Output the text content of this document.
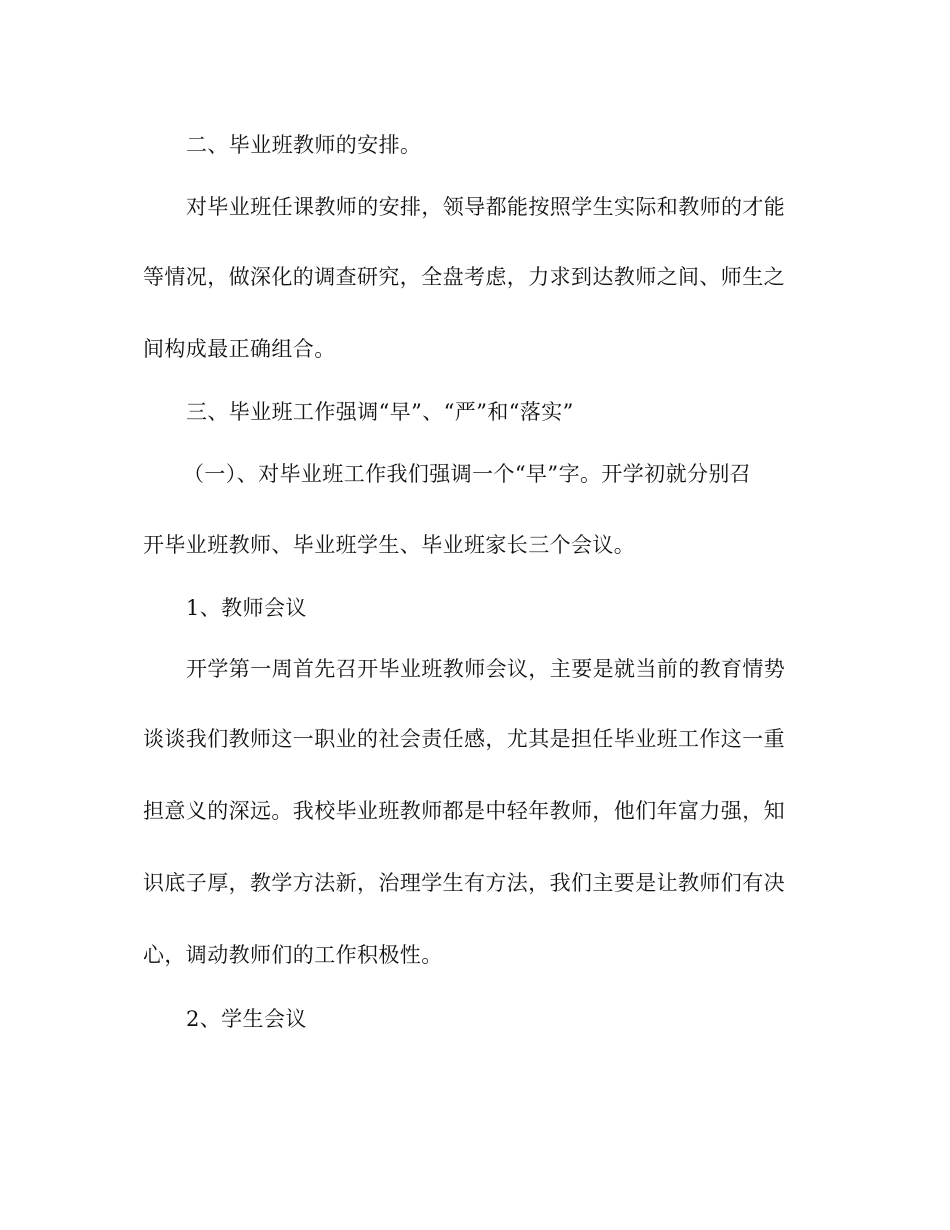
二、毕业班教师的安排。
对毕业班任课教师的安排，领导都能按照学生实际和教师的才能
等情况，做深化的调查研究，全盘考虑，力求到达教师之间、师生之
间构成最正确组合。
三、毕业班工作强调“早”、“严”和“落实”
（一）、对毕业班工作我们强调一个“早”字。开学初就分别召
开毕业班教师、毕业班学生、毕业班家长三个会议。
1、教师会议
开学第一周首先召开毕业班教师会议，主要是就当前的教育情势
谈谈我们教师这一职业的社会责任感，尤其是担任毕业班工作这一重
担意义的深远。我校毕业班教师都是中轻年教师，他们年富力强，知
识底子厚，教学方法新，治理学生有方法，我们主要是让教师们有决
心，调动教师们的工作积极性。
2、学生会议
